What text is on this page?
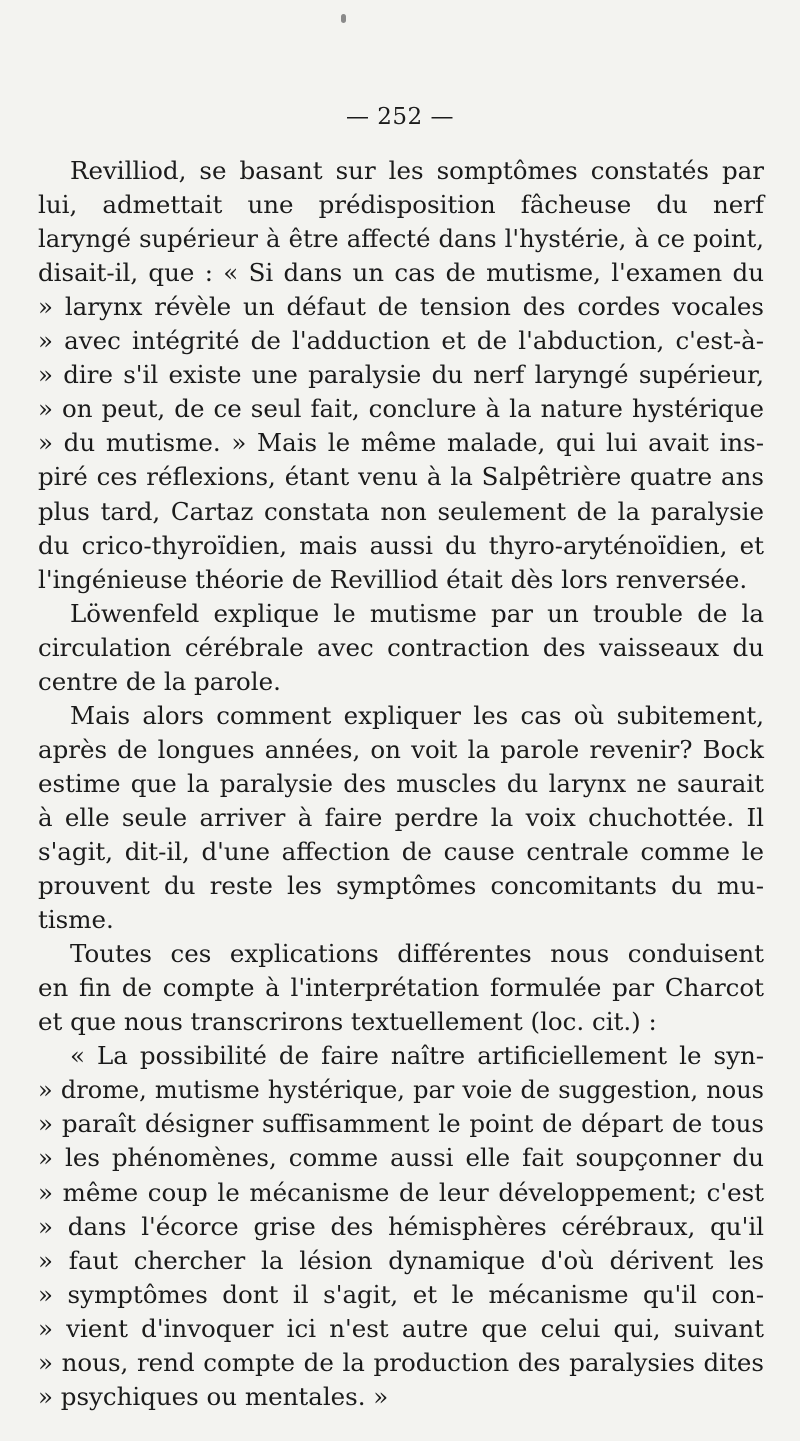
— 252 —
Revilliod, se basant sur les somptômes constatés par
lui, admettait une prédisposition fâcheuse du nerf
laryngé supérieur à être affecté dans l'hystérie, à ce point,
disait-il, que : « Si dans un cas de mutisme, l'examen du
» larynx révèle un défaut de tension des cordes vocales
» avec intégrité de l'adduction et de l'abduction, c'est-à-
» dire s'il existe une paralysie du nerf laryngé supérieur,
» on peut, de ce seul fait, conclure à la nature hystérique
» du mutisme. » Mais le même malade, qui lui avait ins-
piré ces réflexions, étant venu à la Salpêtrière quatre ans
plus tard, Cartaz constata non seulement de la paralysie
du crico-thyroïdien, mais aussi du thyro-aryténoïdien, et
l'ingénieuse théorie de Revilliod était dès lors renversée.
Löwenfeld explique le mutisme par un trouble de la
circulation cérébrale avec contraction des vaisseaux du
centre de la parole.
Mais alors comment expliquer les cas où subitement,
après de longues années, on voit la parole revenir? Bock
estime que la paralysie des muscles du larynx ne saurait
à elle seule arriver à faire perdre la voix chuchottée. Il
s'agit, dit-il, d'une affection de cause centrale comme le
prouvent du reste les symptômes concomitants du mu-
tisme.
Toutes ces explications différentes nous conduisent
en fin de compte à l'interprétation formulée par Charcot
et que nous transcrirons textuellement (loc. cit.) :
« La possibilité de faire naître artificiellement le syn-
» drome, mutisme hystérique, par voie de suggestion, nous
» paraît désigner suffisamment le point de départ de tous
» les phénomènes, comme aussi elle fait soupçonner du
» même coup le mécanisme de leur développement; c'est
» dans l'écorce grise des hémisphères cérébraux, qu'il
» faut chercher la lésion dynamique d'où dérivent les
» symptômes dont il s'agit, et le mécanisme qu'il con-
» vient d'invoquer ici n'est autre que celui qui, suivant
» nous, rend compte de la production des paralysies dites
» psychiques ou mentales. »
